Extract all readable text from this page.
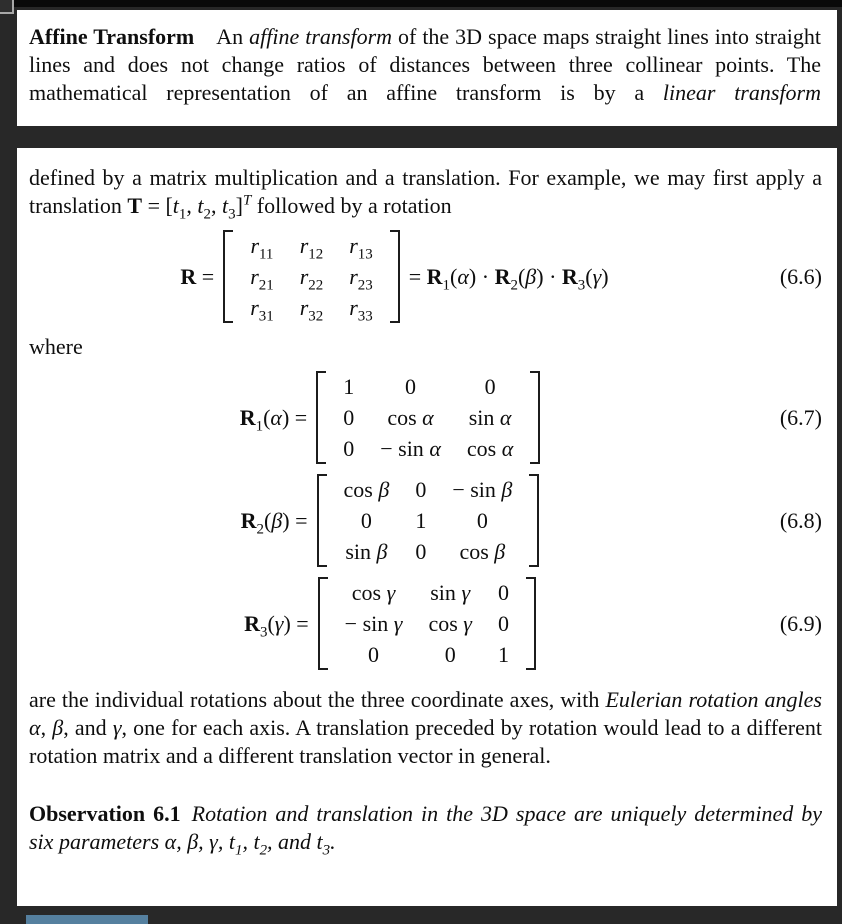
Affine Transform An affine transform of the 3D space maps straight lines into straight lines and does not change ratios of distances between three collinear points. The mathematical representation of an affine transform is by a linear transform

defined by a matrix multiplication and a translation. For example, we may first apply a translation $T = [t_1$, $t_2$, $t_3]^T$ followed by a rotation

R =
$r_{11}$	$r_{12}$	$r_{13}$
$r_{21}$	$r_{22}$	$r_{23}$
$r_{31}$	$r_{32}$	$r_{33}$
= $R_1(\alpha) \cdot R_2(\beta) \cdot R_3(\gamma)$	(6.6)

where

$R_1(\alpha)$ =
1	0	0
0	cos α	sin α
0	− sin α	cos α
(6.7)
$R_2(\beta)$ =
cos β	0	− sin β
0	1	0
sin β	0	cos β
(6.8)
$R_3(\gamma)$ =
cos γ	sin γ	0
− sin γ	cos γ	0
0	0	1
(6.9)

are the individual rotations about the three coordinate axes, with Eulerian rotation angles α, β, and γ, one for each axis. A translation preceded by rotation would lead to a different rotation matrix and a different translation vector in general.

Observation 6.1  Rotation and translation in the 3D space are uniquely determined by six parameters α, β, γ, $t_1$, $t_2$, and $t_3$.
